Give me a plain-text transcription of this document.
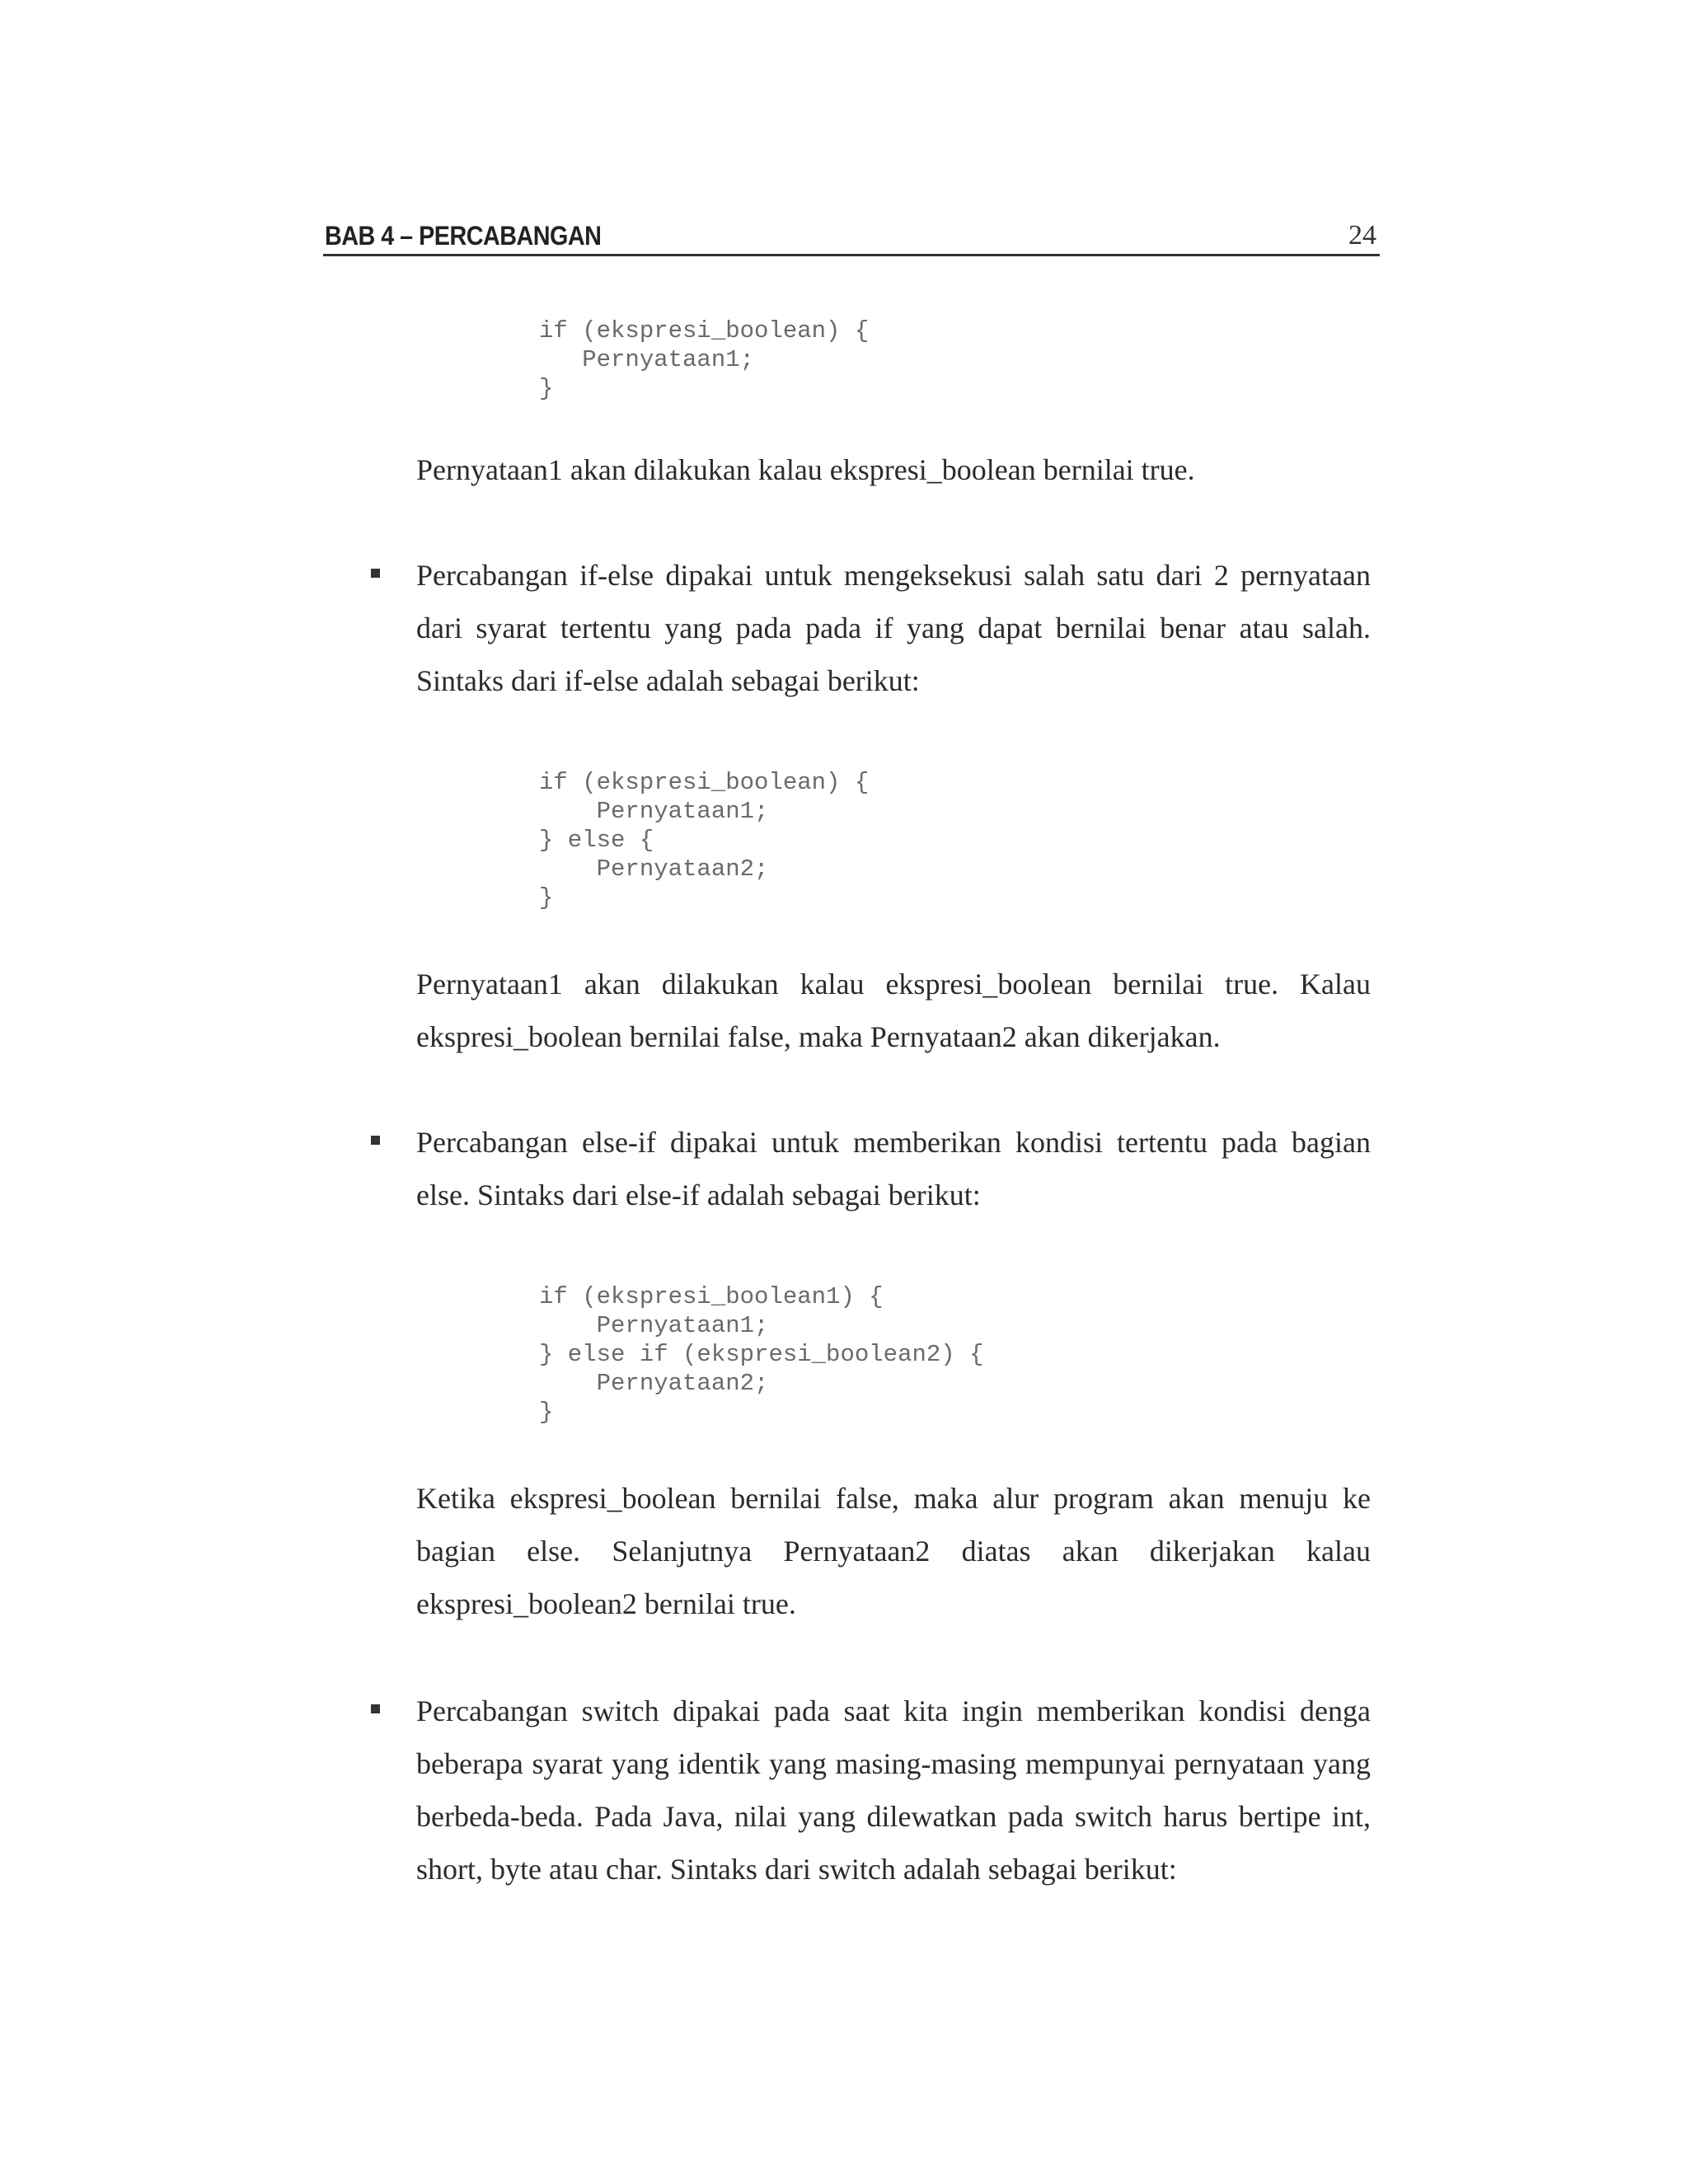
BAB 4 – PERCABANGAN	24
if (ekspresi_boolean) {
Pernyataan1;
}

Pernyataan1 akan dilakukan kalau ekspresi_boolean bernilai true.

Percabangan if-else dipakai untuk mengeksekusi salah satu dari 2 pernyataan dari syarat tertentu yang pada pada if yang dapat bernilai benar atau salah. Sintaks dari if-else adalah sebagai berikut:

if (ekspresi_boolean) {
Pernyataan1;
} else {
Pernyataan2;
}

Pernyataan1 akan dilakukan kalau ekspresi_boolean bernilai true. Kalau ekspresi_boolean bernilai false, maka Pernyataan2 akan dikerjakan.

Percabangan else-if dipakai untuk memberikan kondisi tertentu pada bagian else. Sintaks dari else-if adalah sebagai berikut:

if (ekspresi_boolean1) {
Pernyataan1;
} else if (ekspresi_boolean2) {
Pernyataan2;
}

Ketika ekspresi_boolean bernilai false, maka alur program akan menuju ke bagian else. Selanjutnya Pernyataan2 diatas akan dikerjakan kalau ekspresi_boolean2 bernilai true.

Percabangan switch dipakai pada saat kita ingin memberikan kondisi denga beberapa syarat yang identik yang masing-masing mempunyai pernyataan yang berbeda-beda. Pada Java, nilai yang dilewatkan pada switch harus bertipe int, short, byte atau char. Sintaks dari switch adalah sebagai berikut:
